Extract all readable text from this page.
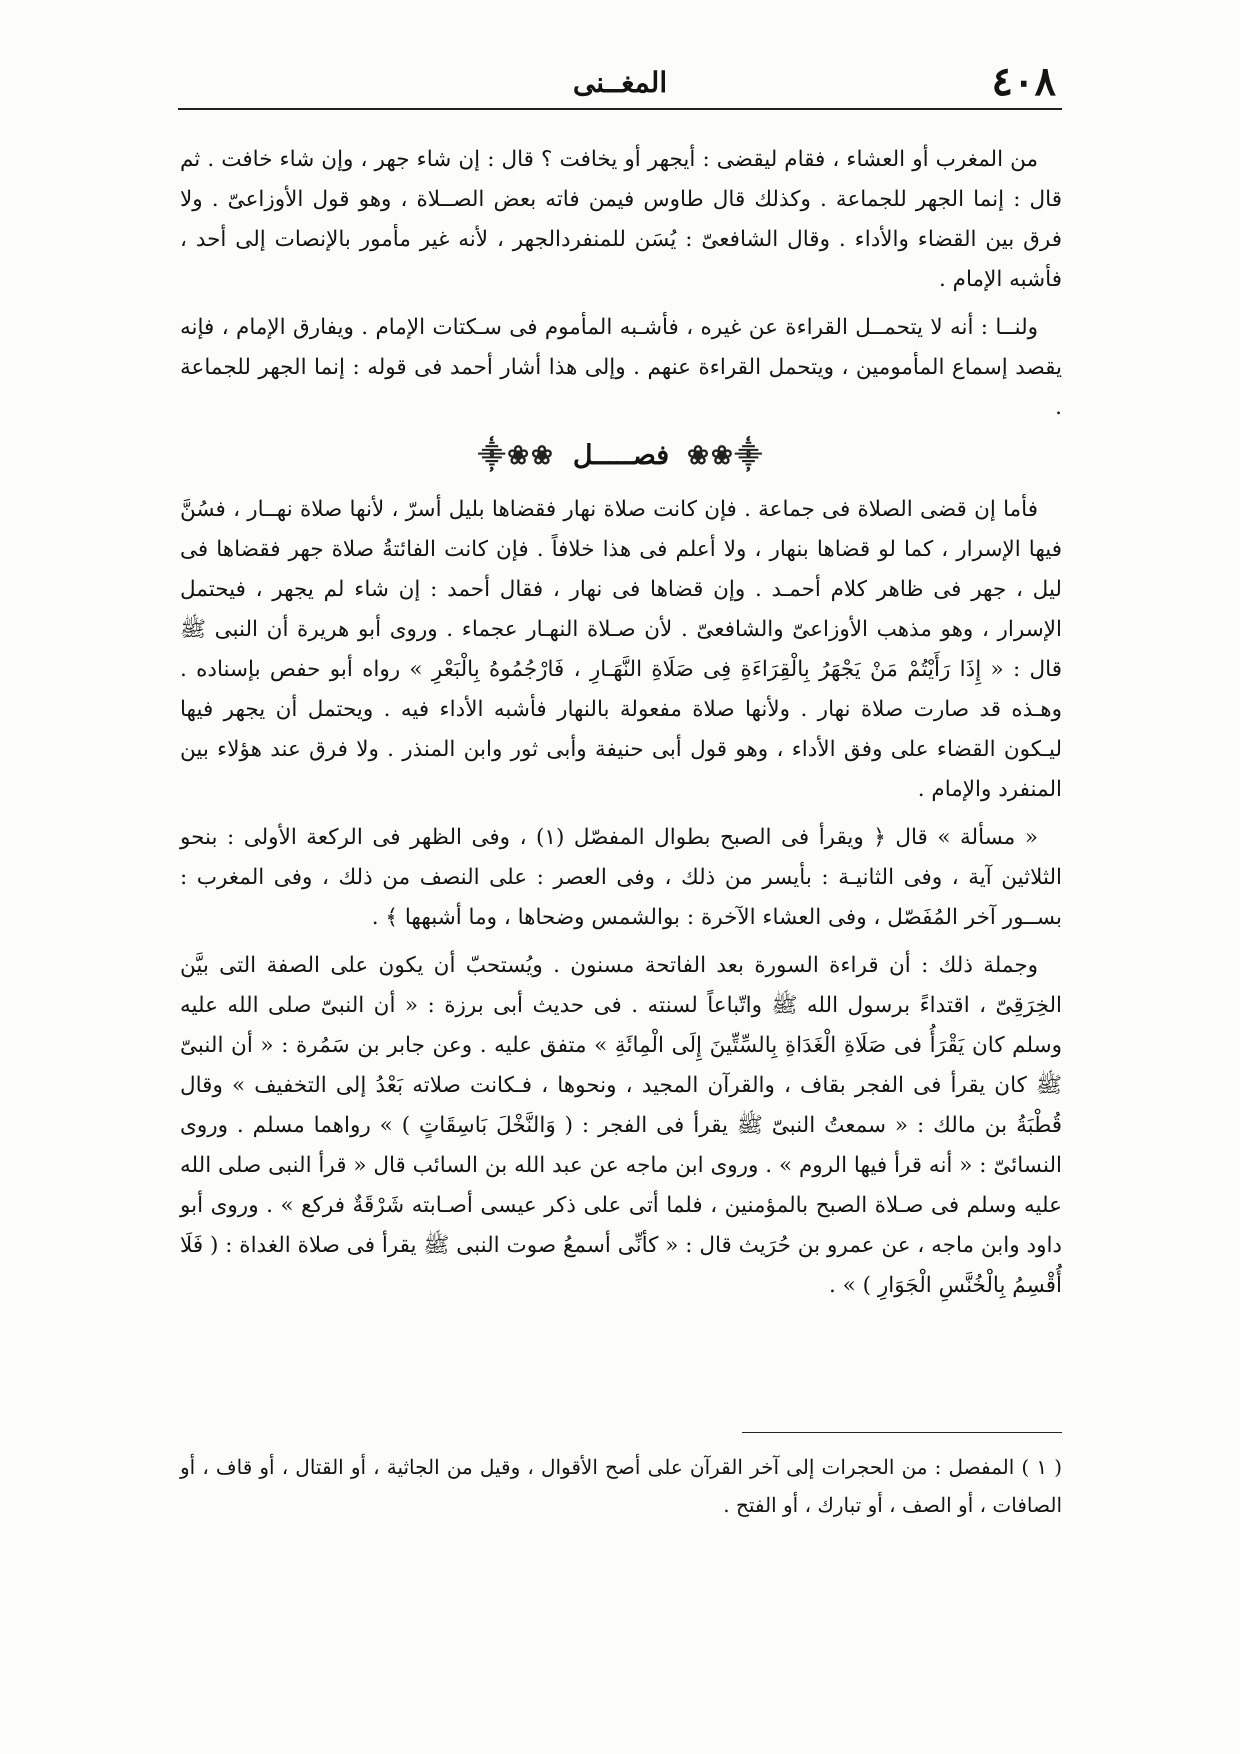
٤٠٨
المغــنى

من المغرب أو العشاء ، فقام ليقضى : أيجهر أو يخافت ؟ قال : إن شاء جهر ، وإن شاء خافت . ثم قال : إنما الجهر للجماعة . وكذلك قال طاوس فيمن فاته بعض الصــلاة ، وهو قول الأوزاعىّ . ولا فرق بين القضاء والأداء . وقال الشافعىّ : يُسَن للمنفردالجهر ، لأنه غير مأمور بالإنصات إلى أحد ، فأشبه الإمام .

ولنــا : أنه لا يتحمــل القراءة عن غيره ، فأشـبه المأموم فى سـكتات الإمام . ويفارق الإمام ، فإنه يقصد إسماع المأمومين ، ويتحمل القراءة عنهم . وإلى هذا أشار أحمد فى قوله : إنما الجهر للجماعة .

⸎❀❀
فصـــــل
❀❀⸎

فأما إن قضى الصلاة فى جماعة . فإن كانت صلاة نهار فقضاها بليل أسرّ ، لأنها صلاة نهــار ، فسُنَّ فيها الإسرار ، كما لو قضاها بنهار ، ولا أعلم فى هذا خلافاً . فإن كانت الفائتةُ صلاة جهر فقضاها فى ليل ، جهر فى ظاهر كلام أحمـد . وإن قضاها فى نهار ، فقال أحمد : إن شاء لم يجهر ، فيحتمل الإسرار ، وهو مذهب الأوزاعىّ والشافعىّ . لأن صـلاة النهـار عجماء . وروى أبو هريرة أن النبى ﷺ قال : « إِذَا رَأَيْتُمْ مَنْ يَجْهَرُ بِالْقِرَاءَةِ فِى صَلَاةِ النَّهَـارِ ، فَارْجُمُوهُ بِالْبَعْرِ » رواه أبو حفص بإسناده . وهـذه قد صارت صلاة نهار . ولأنها صلاة مفعولة بالنهار فأشبه الأداء فيه . ويحتمل أن يجهر فيها ليـكون القضاء على وفق الأداء ، وهو قول أبى حنيفة وأبى ثور وابن المنذر . ولا فرق عند هؤلاء بين المنفرد والإمام .

« مسألة » قال ﴿ ويقرأ فى الصبح بطوال المفصّل (١) ، وفى الظهر فى الركعة الأولى : بنحو الثلاثين آية ، وفى الثانيـة : بأيسر من ذلك ، وفى العصر : على النصف من ذلك ، وفى المغرب : بســور آخر المُفَصّل ، وفى العشاء الآخرة : بوالشمس وضحاها ، وما أشبهها ﴾ .

وجملة ذلك : أن قراءة السورة بعد الفاتحة مسنون . ويُستحبّ أن يكون على الصفة التى بيَّن الخِرَقِىّ ، اقتداءً برسول الله ﷺ واتّباعاً لسنته . فى حديث أبى برزة : « أن النبىّ صلى الله عليه وسلم كان يَقْرَأُ فى صَلَاةِ الْغَدَاةِ بِالسِّتِّينَ إِلَى الْمِائَةِ » متفق عليه . وعن جابر بن سَمُرة : « أن النبىّ ﷺ كان يقرأ فى الفجر بقاف ، والقرآن المجيد ، ونحوها ، فـكانت صلاته بَعْدُ إلى التخفيف » وقال قُطْبَةُ بن مالك : « سمعتُ النبىّ ﷺ يقرأ فى الفجر : ( وَالنَّخْلَ بَاسِقَاتٍ ) » رواهما مسلم . وروى النسائىّ : « أنه قرأ فيها الروم » . وروى ابن ماجه عن عبد الله بن السائب قال « قرأ النبى صلى الله عليه وسلم فى صـلاة الصبح بالمؤمنين ، فلما أتى على ذكر عيسى أصـابته شَرْقَةٌ فركع » . وروى أبو داود وابن ماجه ، عن عمرو بن حُرَيث قال : « كأنِّى أسمعُ صوت النبى ﷺ يقرأ فى صلاة الغداة : ( فَلَا أُقْسِمُ بِالْخُنَّسِ الْجَوَارِ ) » .

( ١ ) المفصل : من الحجرات إلى آخر القرآن على أصح الأقوال ، وقيل من الجاثية ، أو القتال ، أو قاف ، أو الصافات ، أو الصف ، أو تبارك ، أو الفتح .
